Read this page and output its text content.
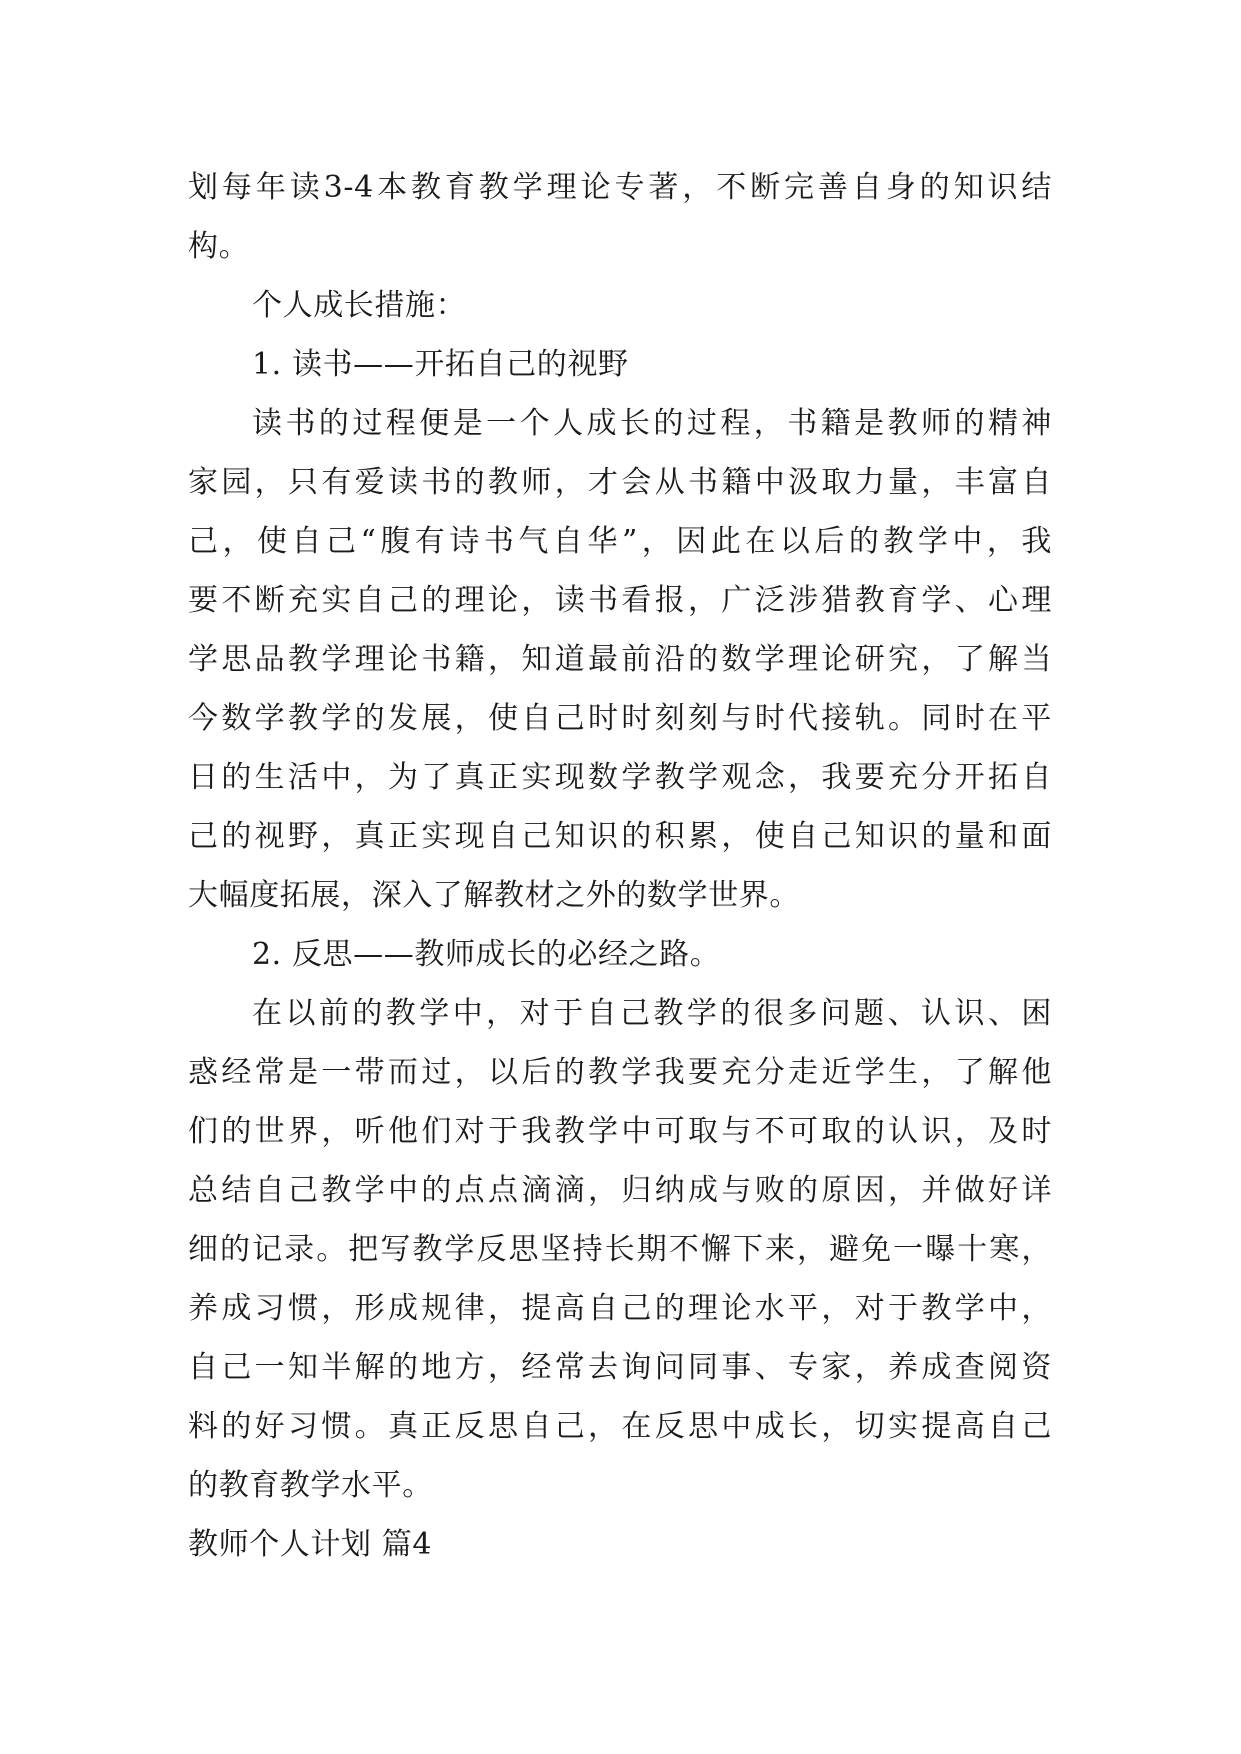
划每年读3-4本教育教学理论专著，不断完善自身的知识结
构。
个人成长措施：
1. 读书——开拓自己的视野
读书的过程便是一个人成长的过程，书籍是教师的精神
家园，只有爱读书的教师，才会从书籍中汲取力量，丰富自
己，使自己“腹有诗书气自华”，因此在以后的教学中，我
要不断充实自己的理论，读书看报，广泛涉猎教育学、心理
学思品教学理论书籍，知道最前沿的数学理论研究，了解当
今数学教学的发展，使自己时时刻刻与时代接轨。同时在平
日的生活中，为了真正实现数学教学观念，我要充分开拓自
己的视野，真正实现自己知识的积累，使自己知识的量和面
大幅度拓展，深入了解教材之外的数学世界。
2. 反思——教师成长的必经之路。
在以前的教学中，对于自己教学的很多问题、认识、困
惑经常是一带而过，以后的教学我要充分走近学生，了解他
们的世界，听他们对于我教学中可取与不可取的认识，及时
总结自己教学中的点点滴滴，归纳成与败的原因，并做好详
细的记录。把写教学反思坚持长期不懈下来，避免一曝十寒，
养成习惯，形成规律，提高自己的理论水平，对于教学中，
自己一知半解的地方，经常去询问同事、专家，养成查阅资
料的好习惯。真正反思自己，在反思中成长，切实提高自己
的教育教学水平。
教师个人计划 篇4
